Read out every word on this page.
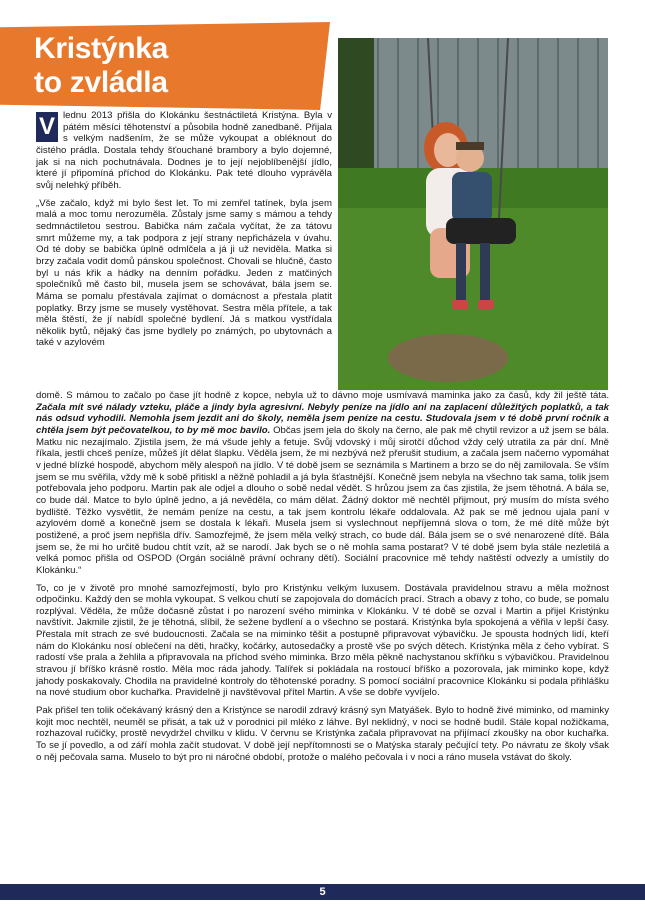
Kristýnka
to zvládla

V lednu 2013 přišla do Klokánku šestnáctiletá Kristýna. Byla v pátém měsíci těhotenství a působila hodně zanedbaně. Přijala s velkým nadšením, že se může vykoupat a obléknout do čistého prádla. Dostala tehdy šťouchané brambory a bylo dojemné, jak si na nich pochutnávala. Dodnes je to její nejoblíbenější jídlo, které jí připomíná příchod do Klokánku. Pak teté dlouho vyprávěla svůj nelehký příběh.

„Vše začalo, když mi bylo šest let. To mi zemřel tatínek, byla jsem malá a moc tomu nerozuměla. Zůstaly jsme samy s mámou a tehdy sedmnáctiletou sestrou. Babička nám začala vyčítat, že za tátovu smrt můžeme my, a tak podpora z její strany nepřicházela v úvahu. Od té doby se babička úplně odmlčela a já ji už neviděla. Matka si brzy začala vodit domů pánskou společnost. Chovali se hlučně, často byl u nás křik a hádky na denním pořádku. Jeden z matčiných společníků mě často bil, musela jsem se schovávat, bála jsem se. Máma se pomalu přestávala zajímat o domácnost a přestala platit poplatky. Brzy jsme se musely vystěhovat. Sestra měla přítele, a tak měla štěstí, že jí nabídl společné bydlení. Já s matkou vystřídala několik bytů, nějaký čas jsme bydlely po známých, po ubytovnách a také v azylovém

domě. S mámou to začalo po čase jít hodně z kopce, nebyla už to dávno moje usmívavá maminka jako za časů, kdy žil ještě táta. Začala mít své nálady vzteku, pláče a jindy byla agresivní. Nebyly peníze na jídlo ani na zaplacení důležitých poplatků, a tak nás odsud vyhodili. Nemohla jsem jezdit ani do školy, neměla jsem peníze na cestu. Studovala jsem v té době první ročník a chtěla jsem být pečovatelkou, to by mě moc bavilo. Občas jsem jela do školy na černo, ale pak mě chytil revizor a už jsem se bála. Matku nic nezajímalo. Zjistila jsem, že má všude jehly a fetuje. Svůj vdovský i můj sirotčí důchod vždy celý utratila za pár dní. Mně říkala, jestli chceš peníze, můžeš jít dělat šlapku. Věděla jsem, že mi nezbývá než přerušit studium, a začala jsem načerno vypomáhat v jedné blízké hospodě, abychom měly alespoň na jídlo. V té době jsem se seznámila s Martinem a brzo se do něj zamilovala. Se vším jsem se mu svěřila, vždy mě k sobě přitiskl a něžně pohladil a já byla šťastnější. Konečně jsem nebyla na všechno tak sama, tolik jsem potřebovala jeho podporu. Martin pak ale odjel a dlouho o sobě nedal vědět. S hrůzou jsem za čas zjistila, že jsem těhotná. A bála se, co bude dál. Matce to bylo úplně jedno, a já nevěděla, co mám dělat. Žádný doktor mě nechtěl přijmout, prý musím do místa svého bydliště. Těžko vysvětlit, že nemám peníze na cestu, a tak jsem kontrolu lékaře oddalovala. Až pak se mě jednou ujala paní v azylovém domě a konečně jsem se dostala k lékaři. Musela jsem si vyslechnout nepříjemná slova o tom, že mé dítě může být postižené, a proč jsem nepřišla dřív. Samozřejmě, že jsem měla velký strach, co bude dál. Bála jsem se o své nenarozené dítě. Bála jsem se, že mi ho určitě budou chtít vzít, až se narodí. Jak bych se o ně mohla sama postarat? V té době jsem byla stále nezletilá a velká pomoc přišla od OSPOD (Orgán sociálně právní ochrany dětí). Sociální pracovnice mě tehdy naštěstí odvezly a umístily do Klokánku.“

To, co je v životě pro mnohé samozřejmostí, bylo pro Kristýnku velkým luxusem. Dostávala pravidelnou stravu a měla možnost odpočinku. Každý den se mohla vykoupat. S velkou chutí se zapojovala do domácích prací. Strach a obavy z toho, co bude, se pomalu rozplýval. Věděla, že může dočasně zůstat i po narození svého miminka v Klokánku. V té době se ozval i Martin a přijel Kristýnku navštívit. Jakmile zjistil, že je těhotná, slíbil, že sežene bydlení a o všechno se postará. Kristýnka byla spokojená a věřila v lepší časy. Přestala mít strach ze své budoucnosti. Začala se na miminko těšit a postupně připravovat výbavičku. Je spousta hodných lidí, kteří nám do Klokánku nosí oblečení na děti, hračky, kočárky, autosedačky a prostě vše po svých dětech. Kristýnka měla z čeho vybírat. S radostí vše prala a žehlila a připravovala na příchod svého miminka. Brzo měla pěkně nachystanou skříňku s výbavičkou. Pravidelnou stravou jí bříško krásně rostlo. Měla moc ráda jahody. Talířek si pokládala na rostoucí bříško a pozorovala, jak miminko kope, když jahody poskakovaly. Chodila na pravidelné kontroly do těhotenské poradny. S pomocí sociální pracovnice Klokánku si podala přihlášku na nové studium obor kuchařka. Pravidelně ji navštěvoval přítel Martin. A vše se dobře vyvíjelo.

Pak přišel ten tolik očekávaný krásný den a Kristýnce se narodil zdravý krásný syn Matyášek. Bylo to hodně živé miminko, od maminky kojit moc nechtěl, neuměl se přisát, a tak už v porodnici pil mléko z láhve. Byl neklidný, v noci se hodně budil. Stále kopal nožičkama, rozhazoval ručičky, prostě nevydržel chvilku v klidu. V červnu se Kristýnka začala připravovat na přijímací zkoušky na obor kuchařka. To se jí povedlo, a od září mohla začít studovat. V době její nepřítomnosti se o Matýska staraly pečující tety. Po návratu ze školy však o něj pečovala sama. Muselo to být pro ni náročné období, protože o malého pečovala i v noci a ráno musela vstávat do školy.

5
